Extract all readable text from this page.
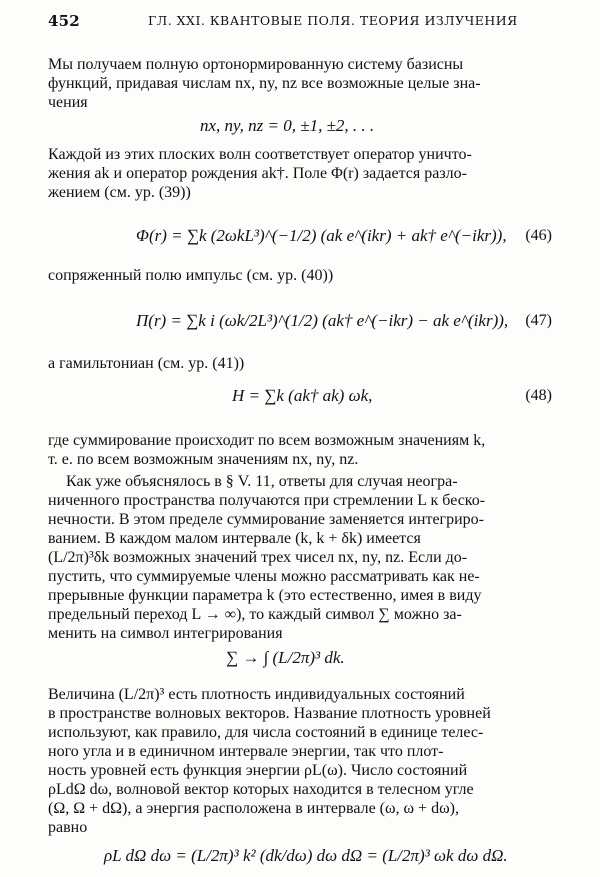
452	ГЛ. XXI. КВАНТОВЫЕ ПОЛЯ. ТЕОРИЯ ИЗЛУЧЕНИЯ
Мы получаем полную ортонормированную систему базисны
функций, придавая числам nx, ny, nz все возможные целые зна-
чения
nx, ny, nz = 0, ±1, ±2, . . .
Каждой из этих плоских волн соответствует оператор уничто-
жения ak и оператор рождения ak†. Поле Φ(r) задается разло-
жением (см. ур. (39))
Φ(r) = ∑k (2ωkL³)^(−1/2) (ak e^(ikr) + ak† e^(−ikr)), (46)
сопряженный полю импульс (см. ур. (40))
Π(r) = ∑k i (ωk/2L³)^(1/2) (ak† e^(−ikr) − ak e^(ikr)), (47)
а гамильтониан (см. ур. (41))
H = ∑k (ak† ak) ωk,	(48)
где суммирование происходит по всем возможным значениям k,
т. е. по всем возможным значениям nx, ny, nz.
Как уже объяснялось в § V. 11, ответы для случая неогра-
ниченного пространства получаются при стремлении L к беско-
нечности. В этом пределе суммирование заменяется интегриро-
ванием. В каждом малом интервале (k, k + δk) имеется
(L/2π)³δk возможных значений трех чисел nx, ny, nz. Если до-
пустить, что суммируемые члены можно рассматривать как не-
прерывные функции параметра k (это естественно, имея в виду
предельный переход L → ∞), то каждый символ ∑ можно за-
менить на символ интегрирования
∑ → ∫ (L/2π)³ dk.
Величина (L/2π)³ есть плотность индивидуальных состояний
в пространстве волновых векторов. Название плотность уровней
используют, как правило, для числа состояний в единице телес-
ного угла и в единичном интервале энергии, так что плот-
ность уровней есть функция энергии ρL(ω). Число состояний
ρLdΩ dω, волновой вектор которых находится в телесном угле
(Ω, Ω + dΩ), а энергия расположена в интервале (ω, ω + dω),
равно
ρL dΩ dω = (L/2π)³ k² (dk/dω) dω dΩ = (L/2π)³ ωk dω dΩ.
